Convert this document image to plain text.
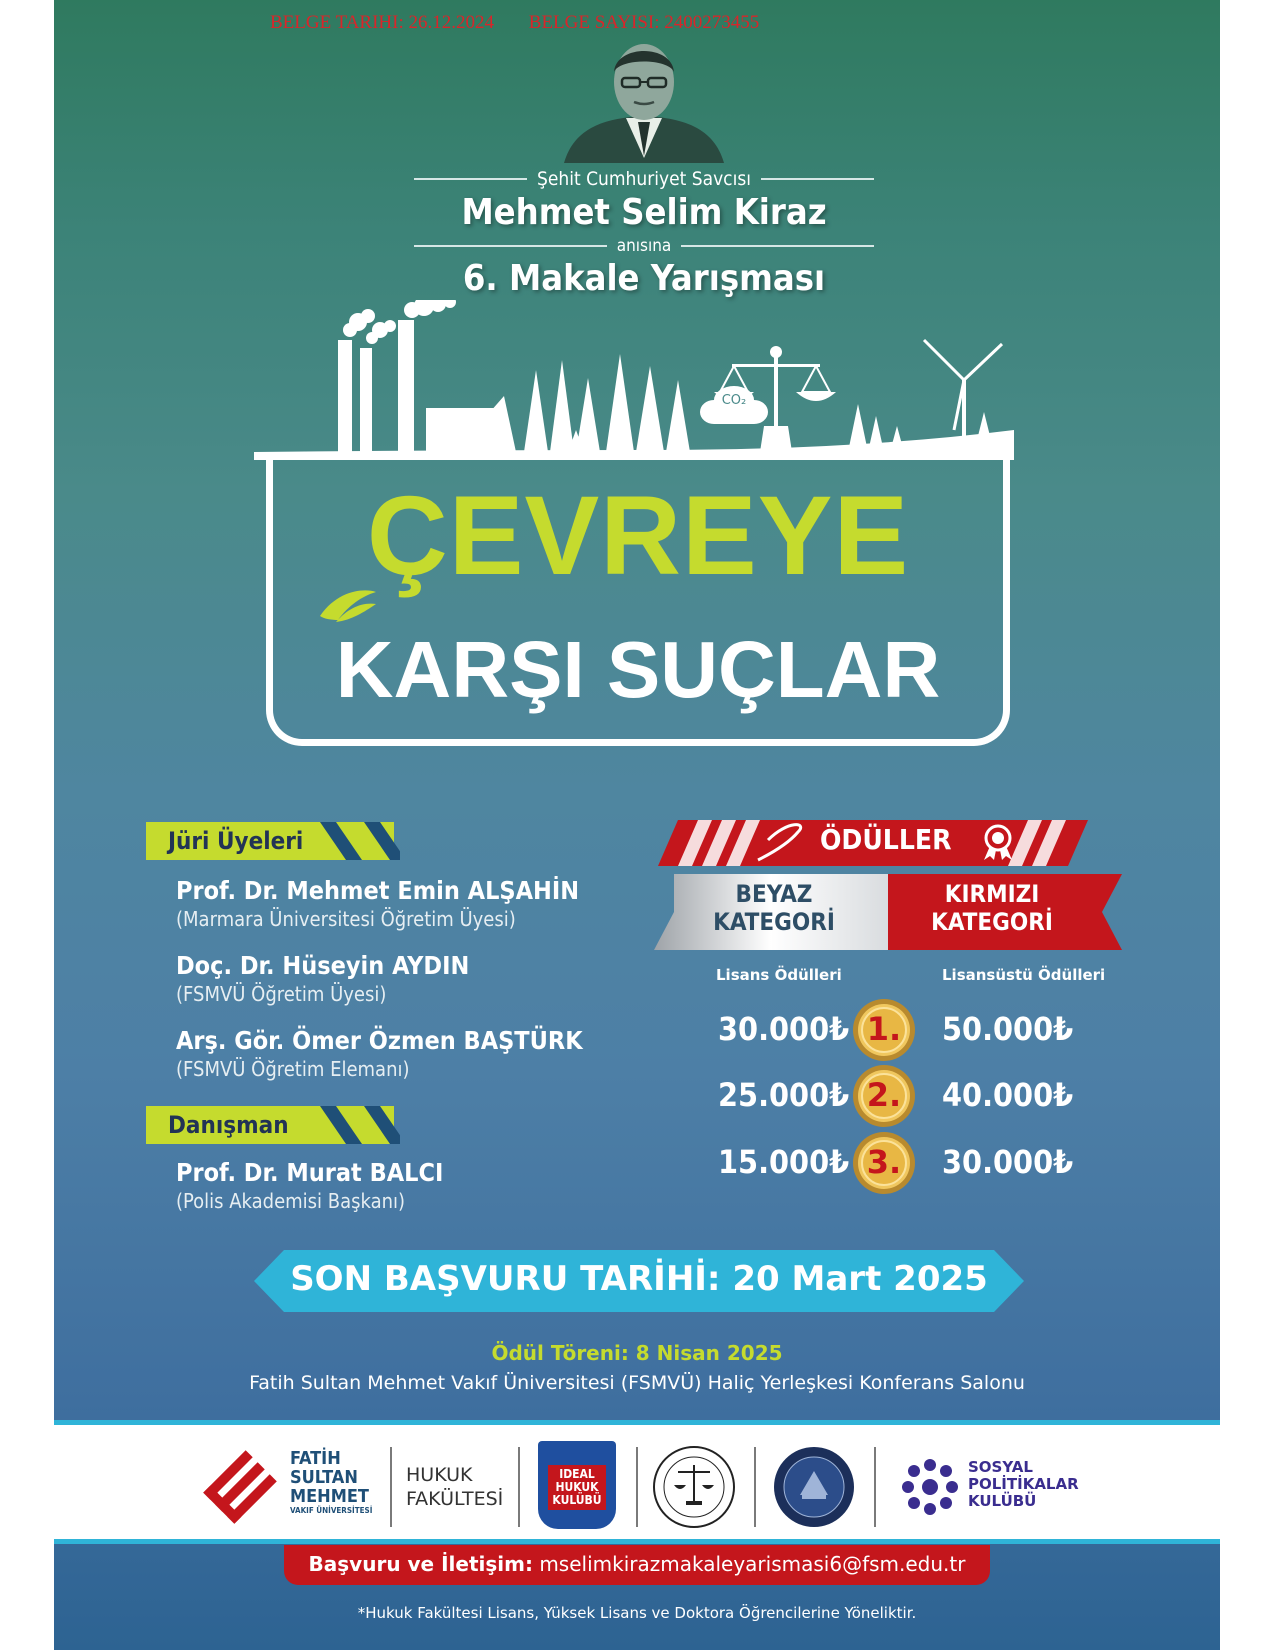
BELGE TARIHI: 26.12.2024 BELGE SAYISI: 2400273455
Şehit Cumhuriyet Savcısı
Mehmet Selim Kiraz
anısına
6. Makale Yarışması
CO₂
ÇEVREYE
KARŞI SUÇLAR
Jüri Üyeleri
Prof. Dr. Mehmet Emin ALŞAHİN
(Marmara Üniversitesi Öğretim Üyesi)
Doç. Dr. Hüseyin AYDIN
(FSMVÜ Öğretim Üyesi)
Arş. Gör. Ömer Özmen BAŞTÜRK
(FSMVÜ Öğretim Elemanı)
Danışman
Prof. Dr. Murat BALCI
(Polis Akademisi Başkanı)
ÖDÜLLER
BEYAZ
KATEGORİ
KIRMIZI
KATEGORİ
Lisans Ödülleri	Lisansüstü Ödülleri
30.000₺
25.000₺
15.000₺
50.000₺
40.000₺
30.000₺
1.
2.
3.
SON BAŞVURU TARİHİ: 20 Mart 2025
Ödül Töreni: 8 Nisan 2025
Fatih Sultan Mehmet Vakıf Üniversitesi (FSMVÜ) Haliç Yerleşkesi Konferans Salonu
FATİH
SULTAN
MEHMET
VAKIF ÜNİVERSİTESİ
HUKUK
FAKÜLTESİ
IDEAL
HUKUK
KULÜBÜ
SOSYAL
POLİTİKALAR
KULÜBÜ
Başvuru ve İletişim: mselimkirazmakaleyarismasi6@fsm.edu.tr
*Hukuk Fakültesi Lisans, Yüksek Lisans ve Doktora Öğrencilerine Yöneliktir.
